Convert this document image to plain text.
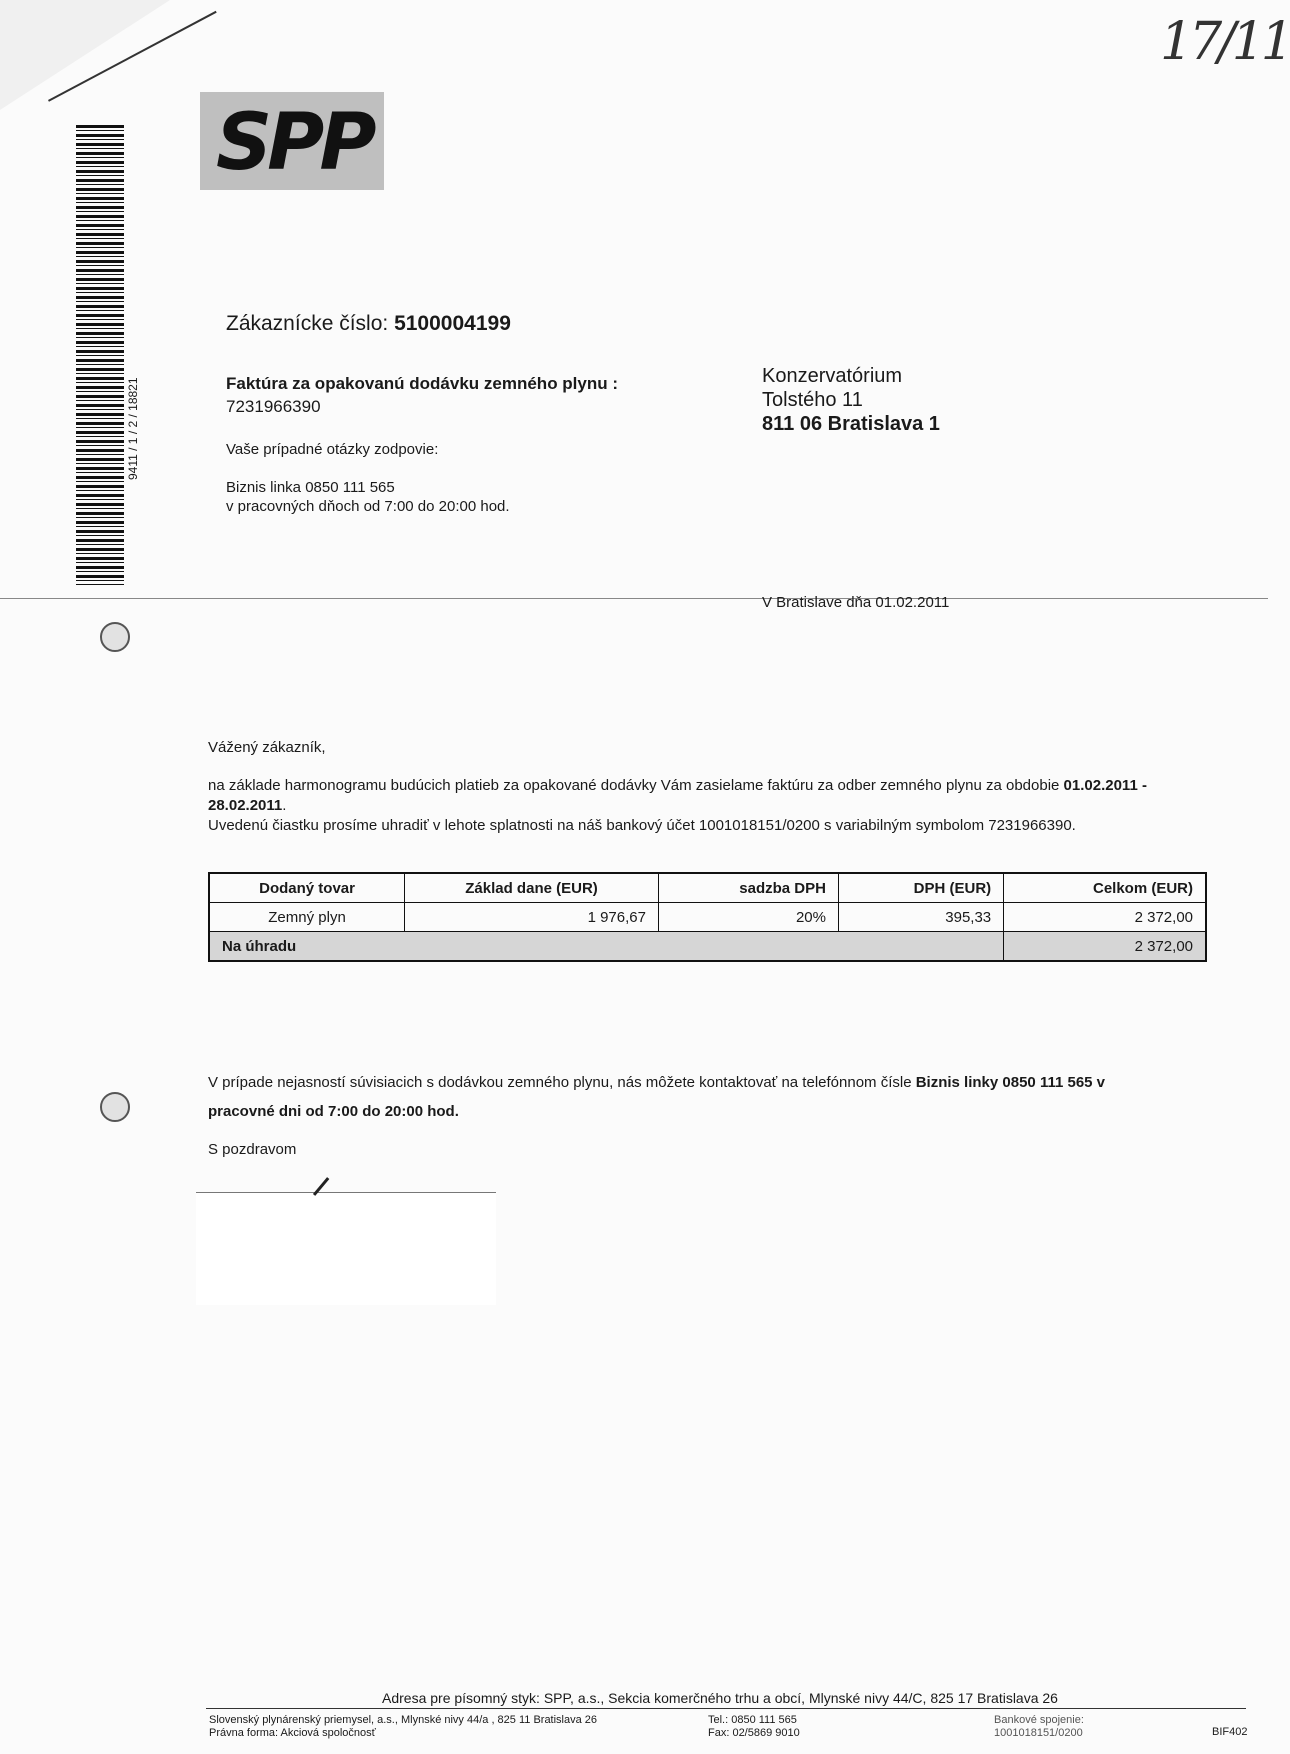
17/11
SPP
9411 / 1 / 2 / 18821
Zákaznícke číslo: 5100004199
Faktúra za opakovanú dodávku zemného plynu :
7231966390
Vaše prípadné otázky zodpovie:
Biznis linka 0850 111 565
v pracovných dňoch od 7:00 do 20:00 hod.
Konzervatórium
Tolstého 11
811 06 Bratislava 1
V Bratislave dňa 01.02.2011
Vážený zákazník,
na základe harmonogramu budúcich platieb za opakované dodávky Vám zasielame faktúru za odber zemného plynu za obdobie 01.02.2011 -
28.02.2011.
Uvedenú čiastku prosíme uhradiť v lehote splatnosti na náš bankový účet 1001018151/0200 s variabilným symbolom 7231966390.
Dodaný tovar	Základ dane (EUR)	sadzba DPH	DPH (EUR)	Celkom (EUR)
Zemný plyn	1 976,67	20%	395,33	2 372,00
Na úhradu				2 372,00
V prípade nejasností súvisiacich s dodávkou zemného plynu, nás môžete kontaktovať na telefónnom čísle Biznis linky 0850 111 565 v
pracovné dni od 7:00 do 20:00 hod.
S pozdravom
Adresa pre písomný styk: SPP, a.s., Sekcia komerčného trhu a obcí, Mlynské nivy 44/C, 825 17 Bratislava 26
Slovenský plynárenský priemysel, a.s., Mlynské nivy 44/a , 825 11 Bratislava 26
Právna forma: Akciová spoločnosť
Tel.: 0850 111 565
Fax: 02/5869 9010
Bankové spojenie:
1001018151/0200	BIF402
